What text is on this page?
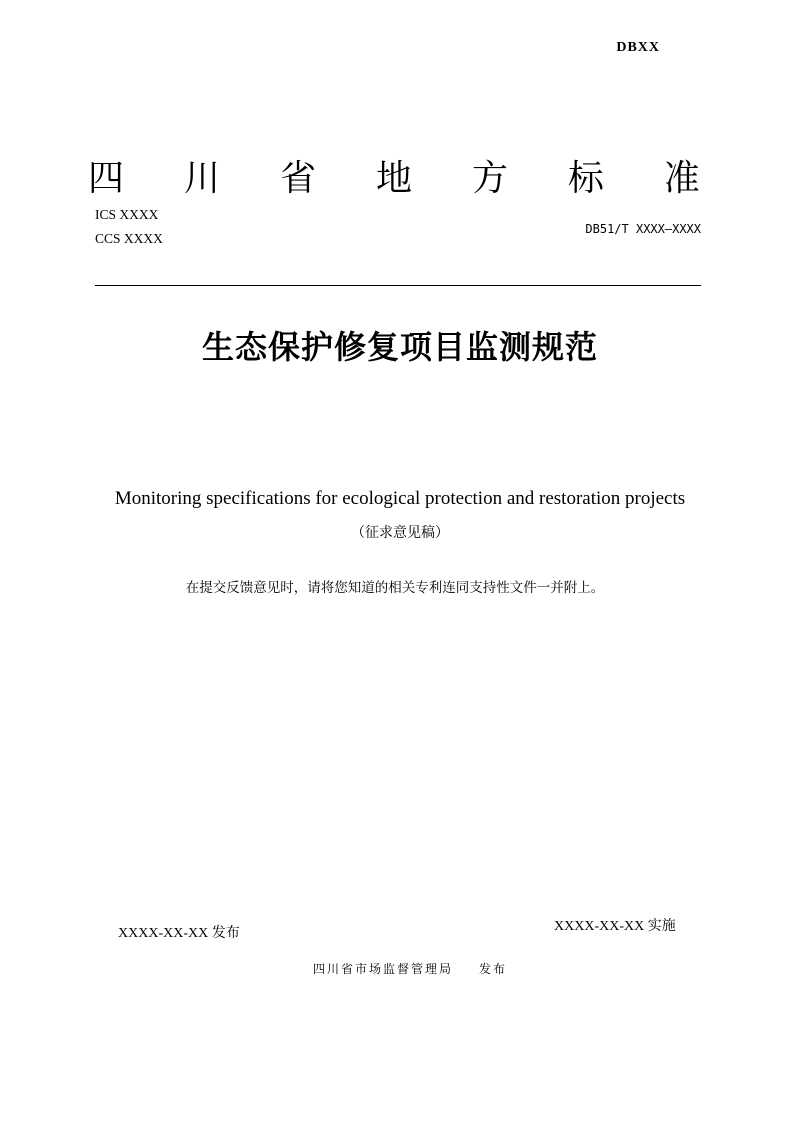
DBXX
四 川 省 地 方 标 准
ICS XXXX
CCS XXXX
DB51/T XXXX—XXXX
生态保护修复项目监测规范
Monitoring specifications for ecological protection and restoration projects
（征求意见稿）
在提交反馈意见时，请将您知道的相关专利连同支持性文件一并附上。
XXXX-XX-XX 发布	XXXX-XX-XX 实施
四川省市场监督管理局 发布
